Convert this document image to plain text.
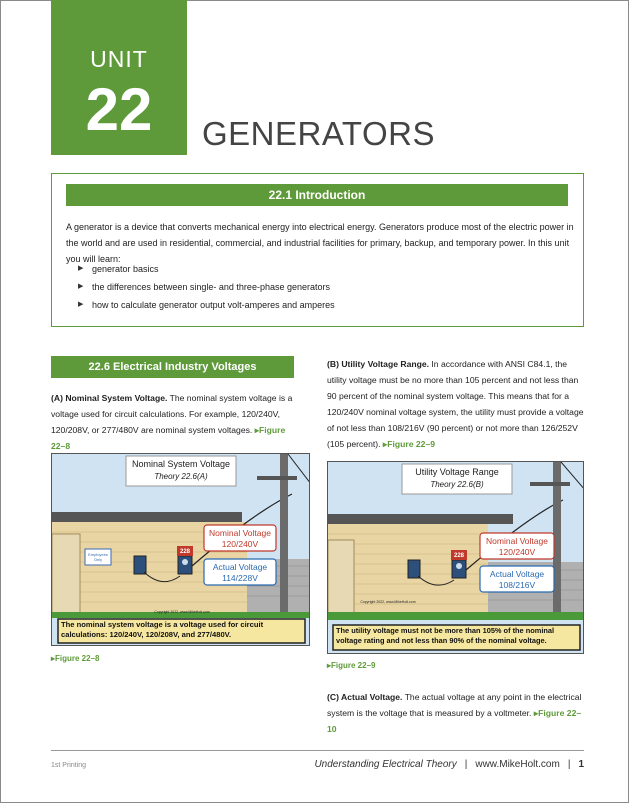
UNIT
22	GENERATORS
22.1 Introduction
A generator is a device that converts mechanical energy into electrical energy. Generators produce most of the electric power in the world and are used in residential, commercial, and industrial facilities for primary, backup, and temporary power. In this unit you will learn:
▶ generator basics
▶ the differences between single- and three-phase generators
▶ how to calculate generator output volt-amperes and amperes
22.6 Electrical Industry Voltages
(A) Nominal System Voltage. The nominal system voltage is a voltage used for circuit calculations. For example, 120/240V, 120/208V, or 277/480V are nominal system voltages. ▸Figure 22–8
Employees
Only
228
Nominal System Voltage
Theory 22.6(A)
Nominal Voltage
120/240V
Actual Voltage
114/228V
Copyright 2022, www.MikeHolt.com
The nominal system voltage is a voltage used for circuit calculations: 120/240V, 120/208V, and 277/480V.
▸Figure 22–8
(B) Utility Voltage Range. In accordance with ANSI C84.1, the utility voltage must be no more than 105 percent and not less than 90 percent of the nominal system voltage. This means that for a 120/240V nominal voltage system, the utility must provide a voltage of not less than 108/216V (90 percent) or not more than 126/252V (105 percent). ▸Figure 22–9
228
Utility Voltage Range
Theory 22.6(B)
Nominal Voltage
120/240V
Actual Voltage
108/216V
Copyright 2022, www.MikeHolt.com
The utility voltage must not be more than 105% of the nominal voltage rating and not less than 90% of the nominal voltage.
▸Figure 22–9
(C) Actual Voltage. The actual voltage at any point in the electrical system is the voltage that is measured by a voltmeter. ▸Figure 22–10
1st Printing	Understanding Electrical Theory | www.MikeHolt.com | 1
